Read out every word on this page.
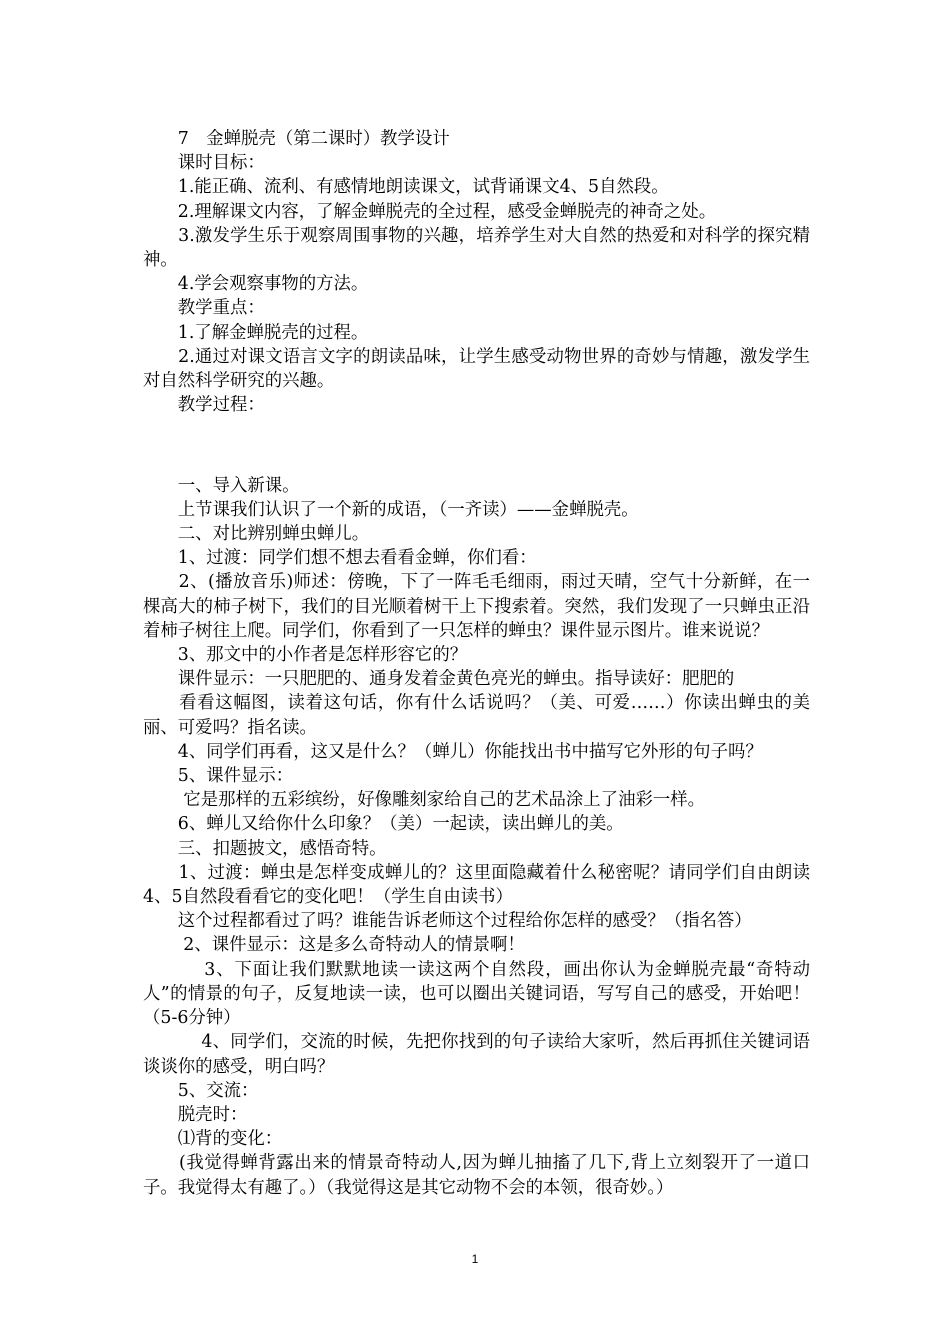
7　金蝉脱壳（第二课时）教学设计

　　课时目标：

　　1.能正确、流利、有感情地朗读课文，试背诵课文4、5自然段。

　　2.理解课文内容，了解金蝉脱壳的全过程，感受金蝉脱壳的神奇之处。

　　3.激发学生乐于观察周围事物的兴趣，培养学生对大自然的热爱和对科学的探究精神。

　　4.学会观察事物的方法。

　　教学重点：

　　1.了解金蝉脱壳的过程。

　　2.通过对课文语言文字的朗读品味，让学生感受动物世界的奇妙与情趣，激发学生对自然科学研究的兴趣。

　　教学过程：

　　一、导入新课。

　　上节课我们认识了一个新的成语，（一齐读）——金蝉脱壳。

　　二、对比辨别蝉虫蝉儿。

　　1、过渡：同学们想不想去看看金蝉，你们看：

　　2、(播放音乐)师述：傍晚，下了一阵毛毛细雨，雨过天晴，空气十分新鲜，在一棵高大的柿子树下，我们的目光顺着树干上下搜索着。突然，我们发现了一只蝉虫正沿着柿子树往上爬。同学们，你看到了一只怎样的蝉虫？课件显示图片。谁来说说？

　　3、那文中的小作者是怎样形容它的？

　　课件显示：一只肥肥的、通身发着金黄色亮光的蝉虫。指导读好：肥肥的

　　看看这幅图，读着这句话，你有什么话说吗？（美、可爱……）你读出蝉虫的美丽、可爱吗？指名读。

　　4、同学们再看，这又是什么？（蝉儿）你能找出书中描写它外形的句子吗？

　　5、课件显示：

　　 它是那样的五彩缤纷，好像雕刻家给自己的艺术品涂上了油彩一样。

　　6、蝉儿又给你什么印象？（美）一起读，读出蝉儿的美。

　　三、扣题披文，感悟奇特。

　　1、过渡：蝉虫是怎样变成蝉儿的？这里面隐藏着什么秘密呢？请同学们自由朗读4、5自然段看看它的变化吧！（学生自由读书）

　　这个过程都看过了吗？谁能告诉老师这个过程给你怎样的感受？（指名答）

　　 2、课件显示：这是多么奇特动人的情景啊！

　　　 3、下面让我们默默地读一读这两个自然段，画出你认为金蝉脱壳最“奇特动人”的情景的句子，反复地读一读，也可以圈出关键词语，写写自己的感受，开始吧！（5-6分钟）

　　　 4、同学们，交流的时候，先把你找到的句子读给大家听，然后再抓住关键词语谈谈你的感受，明白吗？

　　5、交流：

　　脱壳时：

　　⑴背的变化：

　　(我觉得蝉背露出来的情景奇特动人,因为蝉儿抽搐了几下,背上立刻裂开了一道口子。我觉得太有趣了。）（我觉得这是其它动物不会的本领，很奇妙。）

1
